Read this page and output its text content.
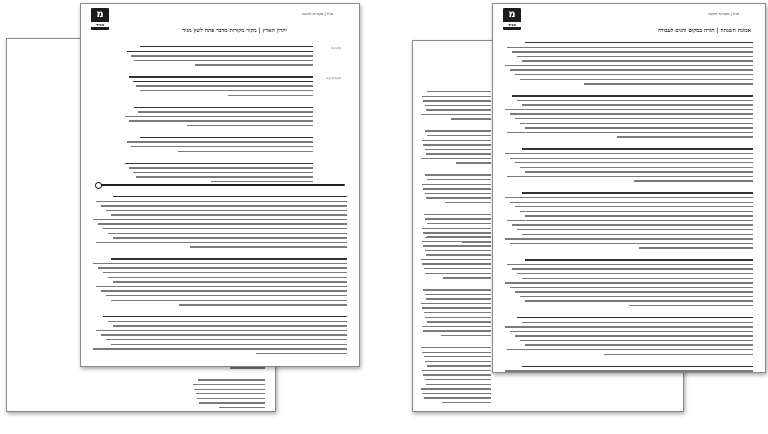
מגיד | מקורות לשיעור
מ
מגיד
יתרון הארץ | מקור מקורות מדבר פתח לשון מגיד
מקורות
מקורות עיון
מגיד | מקורות לשיעור
מ
מגיד
אמונת השגחה | תורה במקום והנים לעבודה
